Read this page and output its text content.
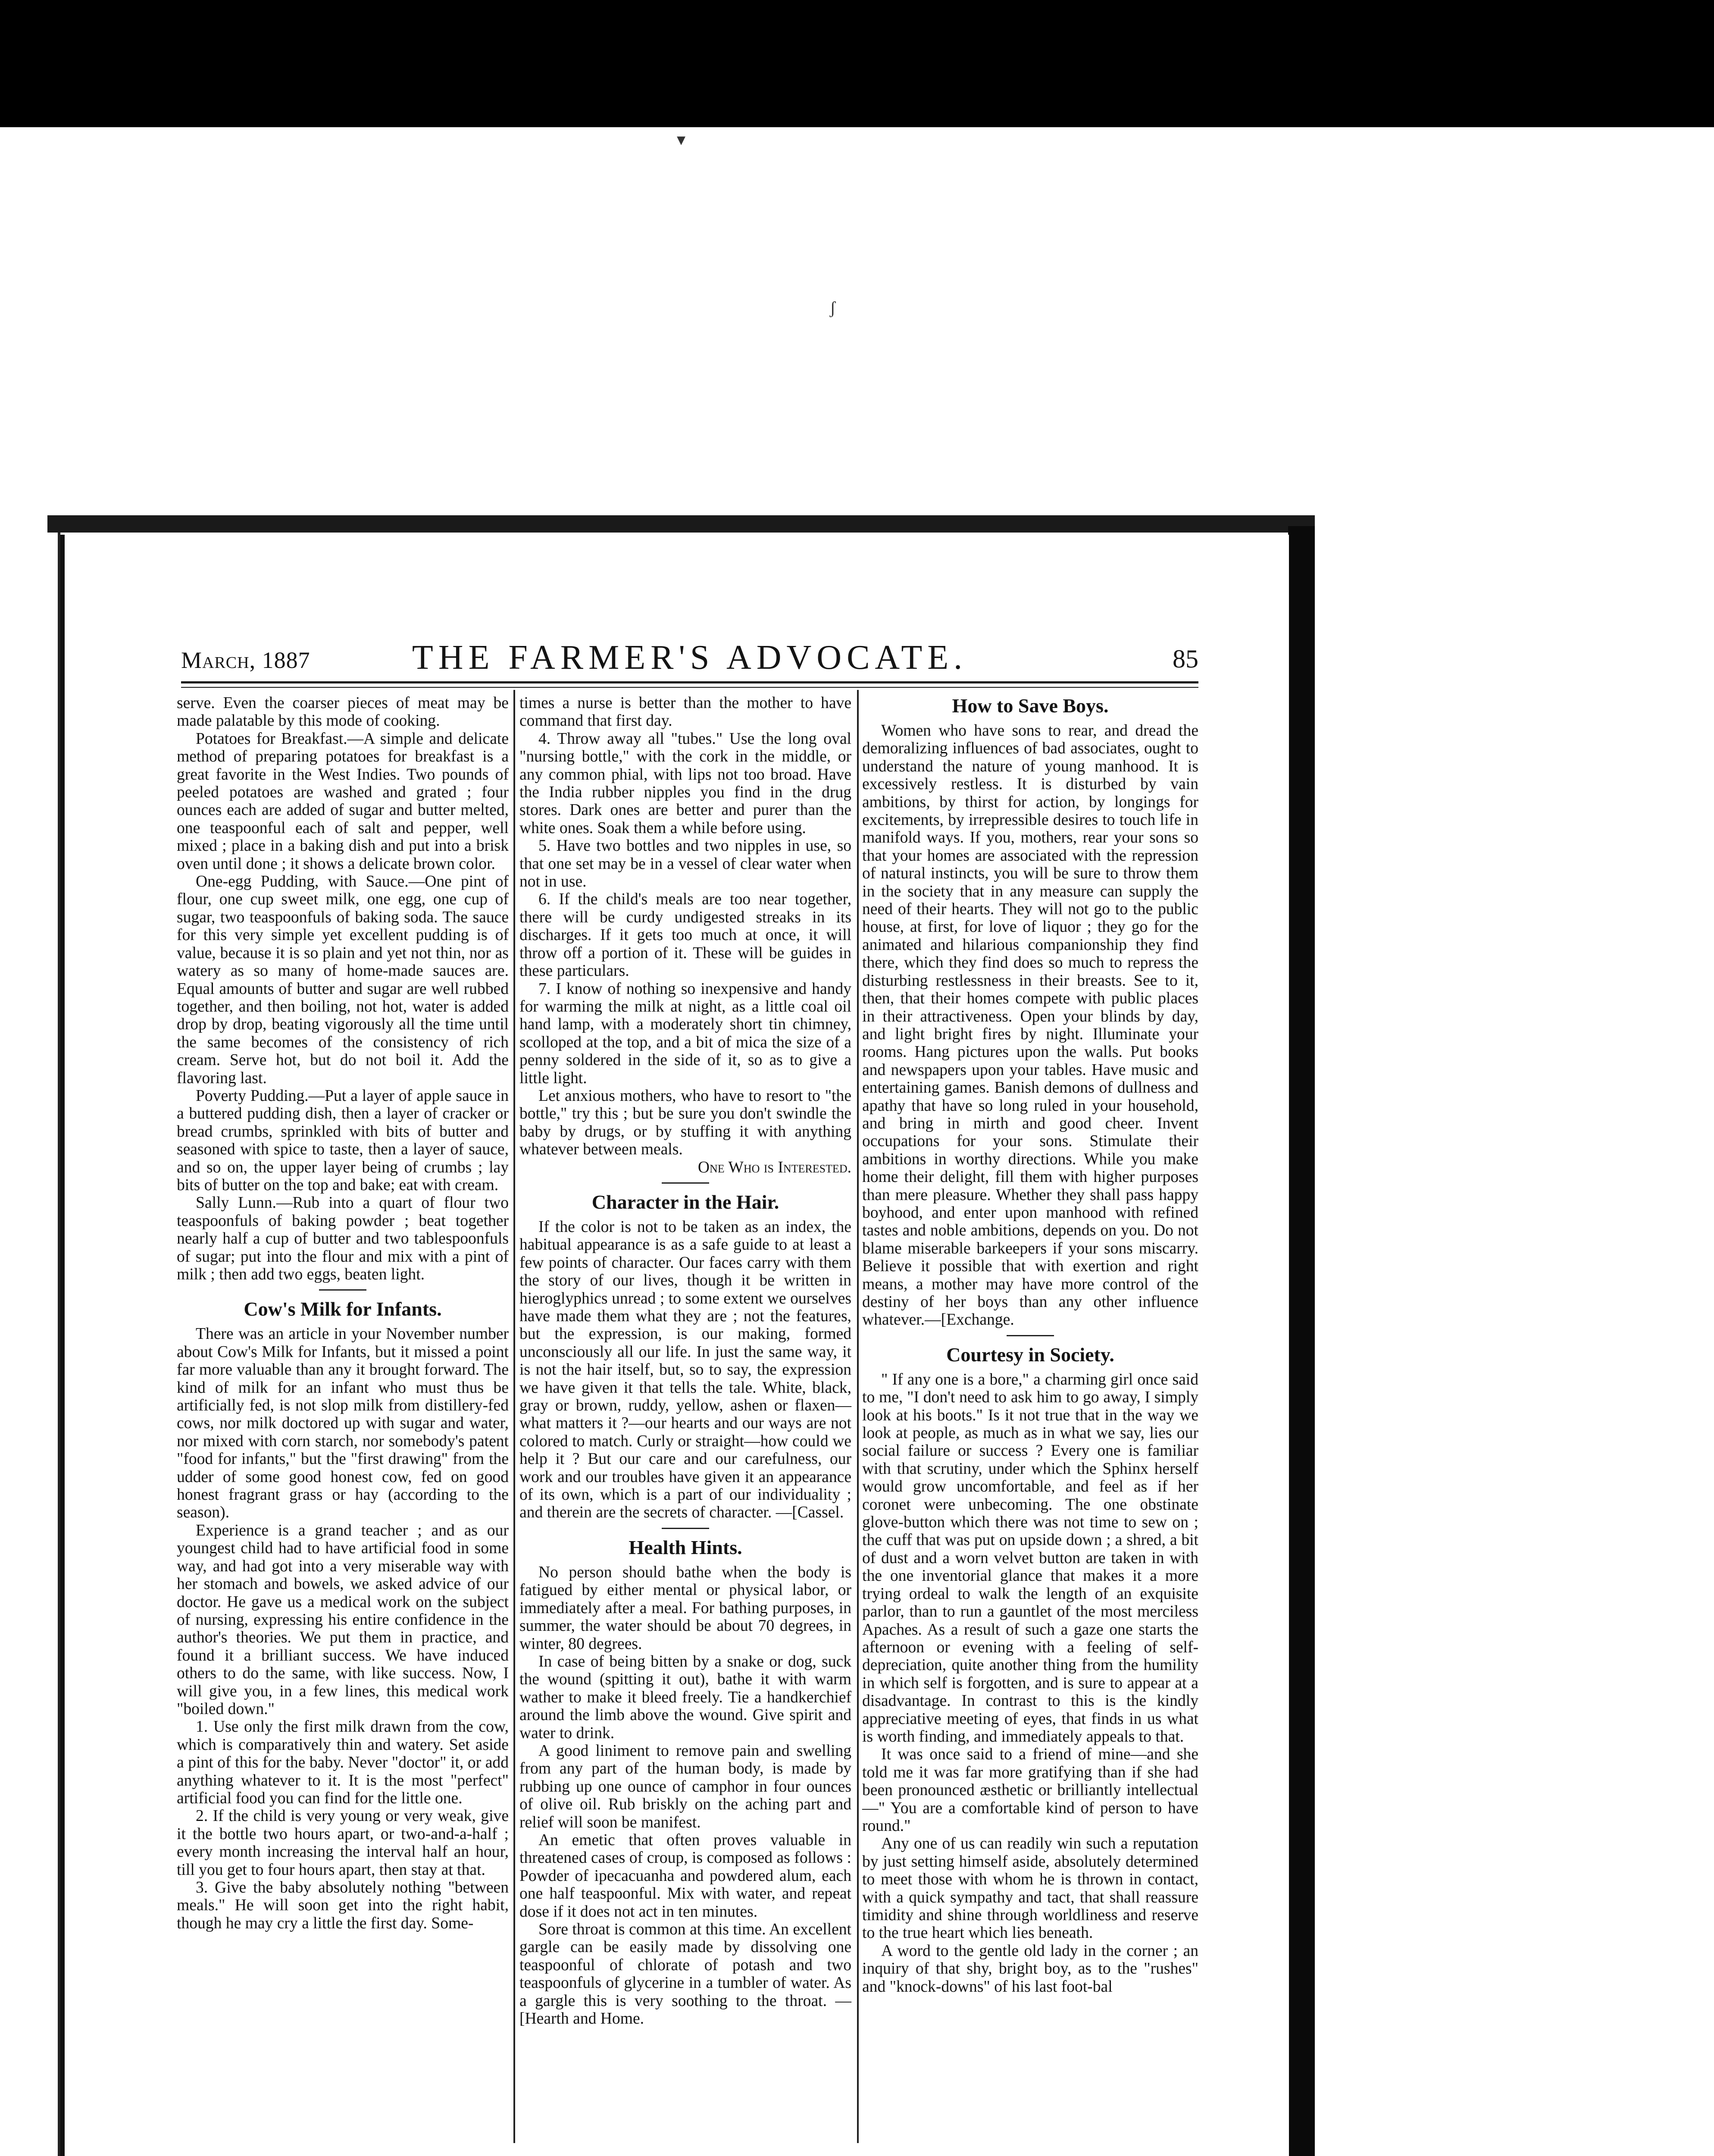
▾
ʃ
March, 1887	THE FARMER'S ADVOCATE.	85

serve. Even the coarser pieces of meat may be made palatable by this mode of cooking.

Potatoes for Breakfast.—A simple and delicate method of preparing potatoes for breakfast is a great favorite in the West Indies. Two pounds of peeled potatoes are washed and grated ; four ounces each are added of sugar and butter melted, one teaspoonful each of salt and pepper, well mixed ; place in a baking dish and put into a brisk oven until done ; it shows a delicate brown color.

One-egg Pudding, with Sauce.—One pint of flour, one cup sweet milk, one egg, one cup of sugar, two teaspoonfuls of baking soda. The sauce for this very simple yet excellent pudding is of value, because it is so plain and yet not thin, nor as watery as so many of home-made sauces are. Equal amounts of butter and sugar are well rubbed together, and then boiling, not hot, water is added drop by drop, beating vigorously all the time until the same becomes of the consistency of rich cream. Serve hot, but do not boil it. Add the flavoring last.

Poverty Pudding.—Put a layer of apple sauce in a buttered pudding dish, then a layer of cracker or bread crumbs, sprinkled with bits of butter and seasoned with spice to taste, then a layer of sauce, and so on, the upper layer being of crumbs ; lay bits of butter on the top and bake; eat with cream.

Sally Lunn.—Rub into a quart of flour two teaspoonfuls of baking powder ; beat together nearly half a cup of butter and two tablespoonfuls of sugar; put into the flour and mix with a pint of milk ; then add two eggs, beaten light.

Cow's Milk for Infants.

There was an article in your November number about Cow's Milk for Infants, but it missed a point far more valuable than any it brought forward. The kind of milk for an infant who must thus be artificially fed, is not slop milk from distillery-fed cows, nor milk doctored up with sugar and water, nor mixed with corn starch, nor somebody's patent "food for infants," but the "first drawing" from the udder of some good honest cow, fed on good honest fragrant grass or hay (according to the season).

Experience is a grand teacher ; and as our youngest child had to have artificial food in some way, and had got into a very miserable way with her stomach and bowels, we asked advice of our doctor. He gave us a medical work on the subject of nursing, expressing his entire confidence in the author's theories. We put them in practice, and found it a brilliant success. We have induced others to do the same, with like success. Now, I will give you, in a few lines, this medical work "boiled down."

1. Use only the first milk drawn from the cow, which is comparatively thin and watery. Set aside a pint of this for the baby. Never "doctor" it, or add anything whatever to it. It is the most "perfect" artificial food you can find for the little one.

2. If the child is very young or very weak, give it the bottle two hours apart, or two-and-a-half ; every month increasing the interval half an hour, till you get to four hours apart, then stay at that.

3. Give the baby absolutely nothing "between meals." He will soon get into the right habit, though he may cry a little the first day. Some-

times a nurse is better than the mother to have command that first day.

4. Throw away all "tubes." Use the long oval "nursing bottle," with the cork in the middle, or any common phial, with lips not too broad. Have the India rubber nipples you find in the drug stores. Dark ones are better and purer than the white ones. Soak them a while before using.

5. Have two bottles and two nipples in use, so that one set may be in a vessel of clear water when not in use.

6. If the child's meals are too near together, there will be curdy undigested streaks in its discharges. If it gets too much at once, it will throw off a portion of it. These will be guides in these particulars.

7. I know of nothing so inexpensive and handy for warming the milk at night, as a little coal oil hand lamp, with a moderately short tin chimney, scolloped at the top, and a bit of mica the size of a penny soldered in the side of it, so as to give a little light.

Let anxious mothers, who have to resort to "the bottle," try this ; but be sure you don't swindle the baby by drugs, or by stuffing it with anything whatever between meals.

One Who is Interested.

Character in the Hair.

If the color is not to be taken as an index, the habitual appearance is as a safe guide to at least a few points of character. Our faces carry with them the story of our lives, though it be written in hieroglyphics unread ; to some extent we ourselves have made them what they are ; not the features, but the expression, is our making, formed unconsciously all our life. In just the same way, it is not the hair itself, but, so to say, the expression we have given it that tells the tale. White, black, gray or brown, ruddy, yellow, ashen or flaxen—what matters it ?—our hearts and our ways are not colored to match. Curly or straight—how could we help it ? But our care and our carefulness, our work and our troubles have given it an appearance of its own, which is a part of our individuality ; and therein are the secrets of character. —[Cassel.

Health Hints.

No person should bathe when the body is fatigued by either mental or physical labor, or immediately after a meal. For bathing purposes, in summer, the water should be about 70 degrees, in winter, 80 degrees.

In case of being bitten by a snake or dog, suck the wound (spitting it out), bathe it with warm wather to make it bleed freely. Tie a handkerchief around the limb above the wound. Give spirit and water to drink.

A good liniment to remove pain and swelling from any part of the human body, is made by rubbing up one ounce of camphor in four ounces of olive oil. Rub briskly on the aching part and relief will soon be manifest.

An emetic that often proves valuable in threatened cases of croup, is composed as follows : Powder of ipecacuanha and powdered alum, each one half teaspoonful. Mix with water, and repeat dose if it does not act in ten minutes.

Sore throat is common at this time. An excellent gargle can be easily made by dissolving one teaspoonful of chlorate of potash and two teaspoonfuls of glycerine in a tumbler of water. As a gargle this is very soothing to the throat. —[Hearth and Home.

How to Save Boys.

Women who have sons to rear, and dread the demoralizing influences of bad associates, ought to understand the nature of young manhood. It is excessively restless. It is disturbed by vain ambitions, by thirst for action, by longings for excitements, by irrepressible desires to touch life in manifold ways. If you, mothers, rear your sons so that your homes are associated with the repression of natural instincts, you will be sure to throw them in the society that in any measure can supply the need of their hearts. They will not go to the public house, at first, for love of liquor ; they go for the animated and hilarious companionship they find there, which they find does so much to repress the disturbing restlessness in their breasts. See to it, then, that their homes compete with public places in their attractiveness. Open your blinds by day, and light bright fires by night. Illuminate your rooms. Hang pictures upon the walls. Put books and newspapers upon your tables. Have music and entertaining games. Banish demons of dullness and apathy that have so long ruled in your household, and bring in mirth and good cheer. Invent occupations for your sons. Stimulate their ambitions in worthy directions. While you make home their delight, fill them with higher purposes than mere pleasure. Whether they shall pass happy boyhood, and enter upon manhood with refined tastes and noble ambitions, depends on you. Do not blame miserable barkeepers if your sons miscarry. Believe it possible that with exertion and right means, a mother may have more control of the destiny of her boys than any other influence whatever.—[Exchange.

Courtesy in Society.

" If any one is a bore," a charming girl once said to me, "I don't need to ask him to go away, I simply look at his boots." Is it not true that in the way we look at people, as much as in what we say, lies our social failure or success ? Every one is familiar with that scrutiny, under which the Sphinx herself would grow uncomfortable, and feel as if her coronet were unbecoming. The one obstinate glove-button which there was not time to sew on ; the cuff that was put on upside down ; a shred, a bit of dust and a worn velvet button are taken in with the one inventorial glance that makes it a more trying ordeal to walk the length of an exquisite parlor, than to run a gauntlet of the most merciless Apaches. As a result of such a gaze one starts the afternoon or evening with a feeling of self-depreciation, quite another thing from the humility in which self is forgotten, and is sure to appear at a disadvantage. In contrast to this is the kindly appreciative meeting of eyes, that finds in us what is worth finding, and immediately appeals to that.

It was once said to a friend of mine—and she told me it was far more gratifying than if she had been pronounced æsthetic or brilliantly intellectual—" You are a comfortable kind of person to have round."

Any one of us can readily win such a reputation by just setting himself aside, absolutely determined to meet those with whom he is thrown in contact, with a quick sympathy and tact, that shall reassure timidity and shine through worldliness and reserve to the true heart which lies beneath.

A word to the gentle old lady in the corner ; an inquiry of that shy, bright boy, as to the "rushes" and "knock-downs" of his last foot-bal
